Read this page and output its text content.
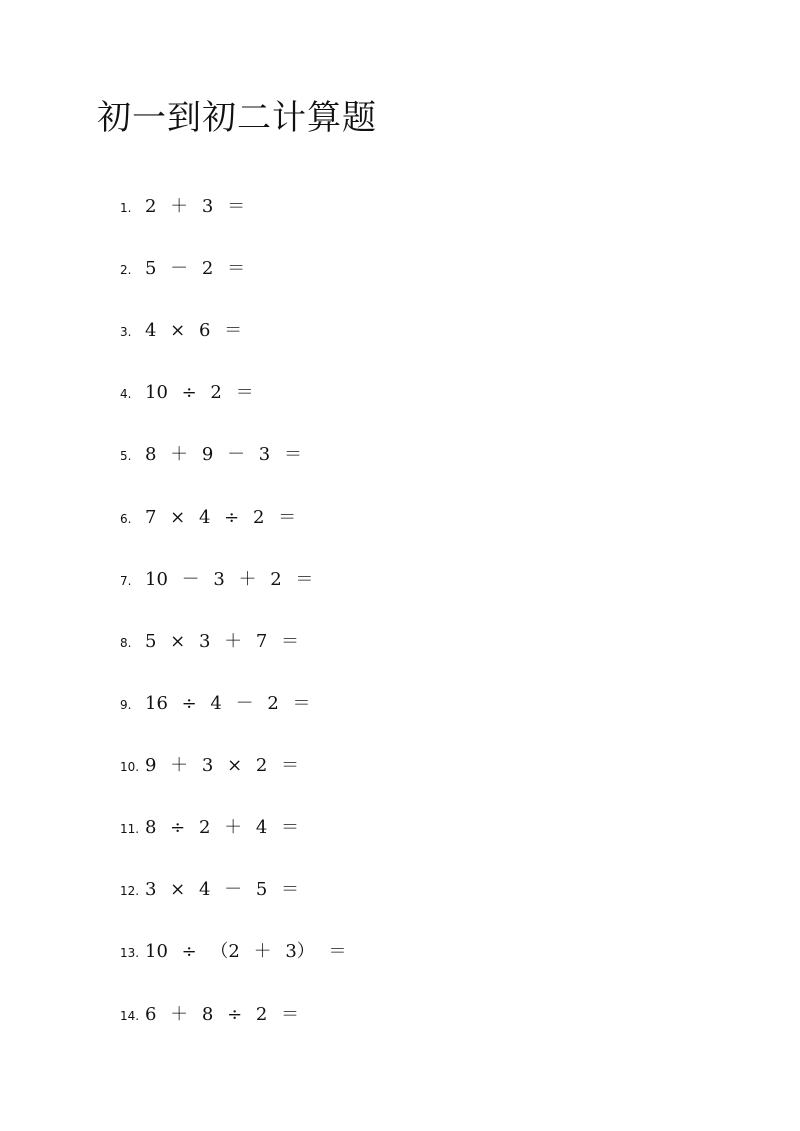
初一到初二计算题
1. 2 ＋ 3 ＝
2. 5 － 2 ＝
3. 4 × 6 ＝
4. 10 ÷ 2 ＝
5. 8 ＋ 9 － 3 ＝
6. 7 × 4 ÷ 2 ＝
7. 10 － 3 ＋ 2 ＝
8. 5 × 3 ＋ 7 ＝
9. 16 ÷ 4 － 2 ＝
10. 9 ＋ 3 × 2 ＝
11. 8 ÷ 2 ＋ 4 ＝
12. 3 × 4 － 5 ＝
13. 10 ÷ （2 ＋ 3） ＝
14. 6 ＋ 8 ÷ 2 ＝
